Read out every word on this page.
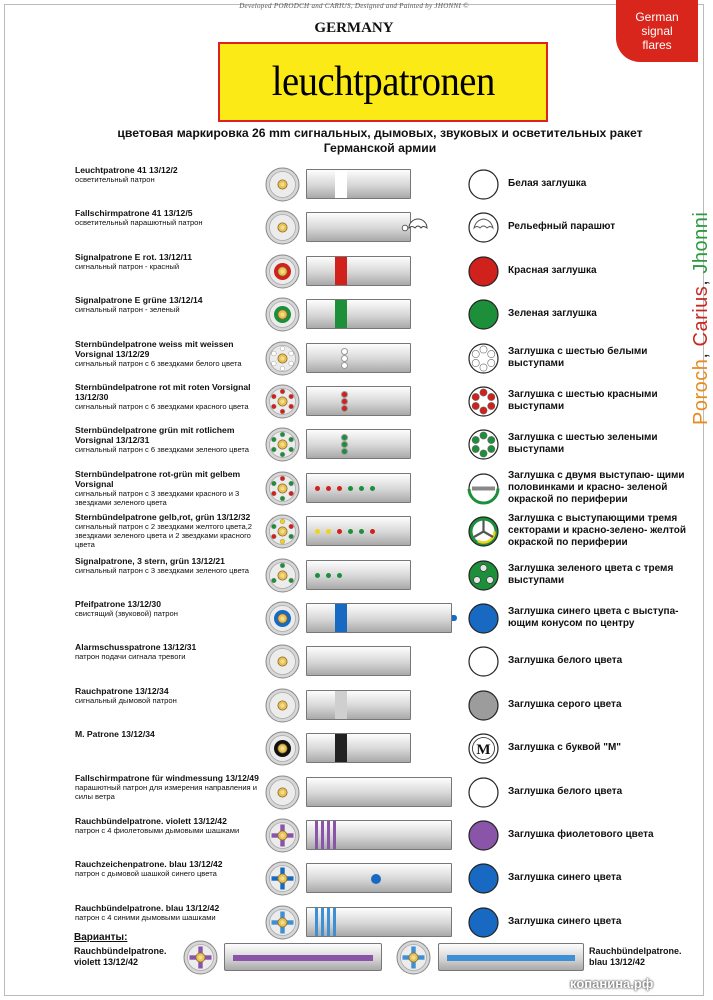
Developed PORODCH and CARIUS, Designed and Painted by JHONNI ©
GERMANY
German
signal
flares
leuchtpatronen
цветовая маркировка 26 mm сигнальных, дымовых, звуковых и осветительных ракет
Германской армии
Poroch, Carius, Jhonni
Leuchtpatrone 41 13/12/2
осветительный патрон	Белая заглушка
Fallschirmpatrone 41 13/12/5
осветительный парашютный патрон	Рельефный парашют
Signalpatrone E rot. 13/12/11
сигнальный патрон - красный	Красная заглушка
Signalpatrone E grüne 13/12/14
сигнальный патрон - зеленый	Зеленая заглушка
Sternbündelpatrone weiss mit weissen Vorsignal 13/12/29
сигнальный патрон с 6 звездками белого цвета
Заглушка с шестью белыми выступами
Sternbündelpatrone rot mit roten Vorsignal 13/12/30
сигнальный патрон с 6 звездками красного цвета
Заглушка с шестью красными выступами
Sternbündelpatrone grün mit rotlichem Vorsignal 13/12/31
сигнальный патрон с 6 звездками зеленого цвета
Заглушка с шестью зелеными выступами
Sternbündelpatrone rot-grün mit gelbem Vorsignal
сигнальный патрон с 3 звездками красного и 3 звездками зеленого цвета
Заглушка с двумя выступаю- щими половинками и красно- зеленой окраской по периферии
Sternbündelpatrone gelb,rot, grün 13/12/32
сигнальный патрон с 2 звездками желтого цвета,2 звездками зеленого цвета и 2 звездками красного цвета
Заглушка с выступающими тремя секторами и красно-зелено- желтой окраской по периферии
Signalpatrone, 3 stern, grün 13/12/21
сигнальный патрон с 3 звездками зеленого цвета	Заглушка зеленого цвета с тремя выступами
Pfeifpatrone 13/12/30
свистящий (звуковой) патрон	Заглушка синего цвета с выступа- ющим конусом по центру
Alarmschusspatrone 13/12/31
патрон подачи сигнала тревоги	Заглушка белого цвета
Rauchpatrone 13/12/34
сигнальный дымовой патрон	Заглушка серого цвета
M. Patrone 13/12/34
M Заглушка с буквой "М"
Fallschirmpatrone für windmessung 13/12/49
парашютный патрон для измерения направления и силы ветра	Заглушка белого цвета
Rauchbündelpatrone. violett 13/12/42
патрон с 4 фиолетовыми дымовыми шашками	Заглушка фиолетового цвета
Rauchzeichenpatrone. blau 13/12/42
патрон с дымовой шашкой синего цвета	Заглушка синего цвета
Rauchbündelpatrone. blau 13/12/42
патрон с 4 синими дымовыми шашками	Заглушка синего цвета
Варианты:
Rauchbündelpatrone. violett 13/12/42
Rauchbündelpatrone. blau 13/12/42
копанина.рф
